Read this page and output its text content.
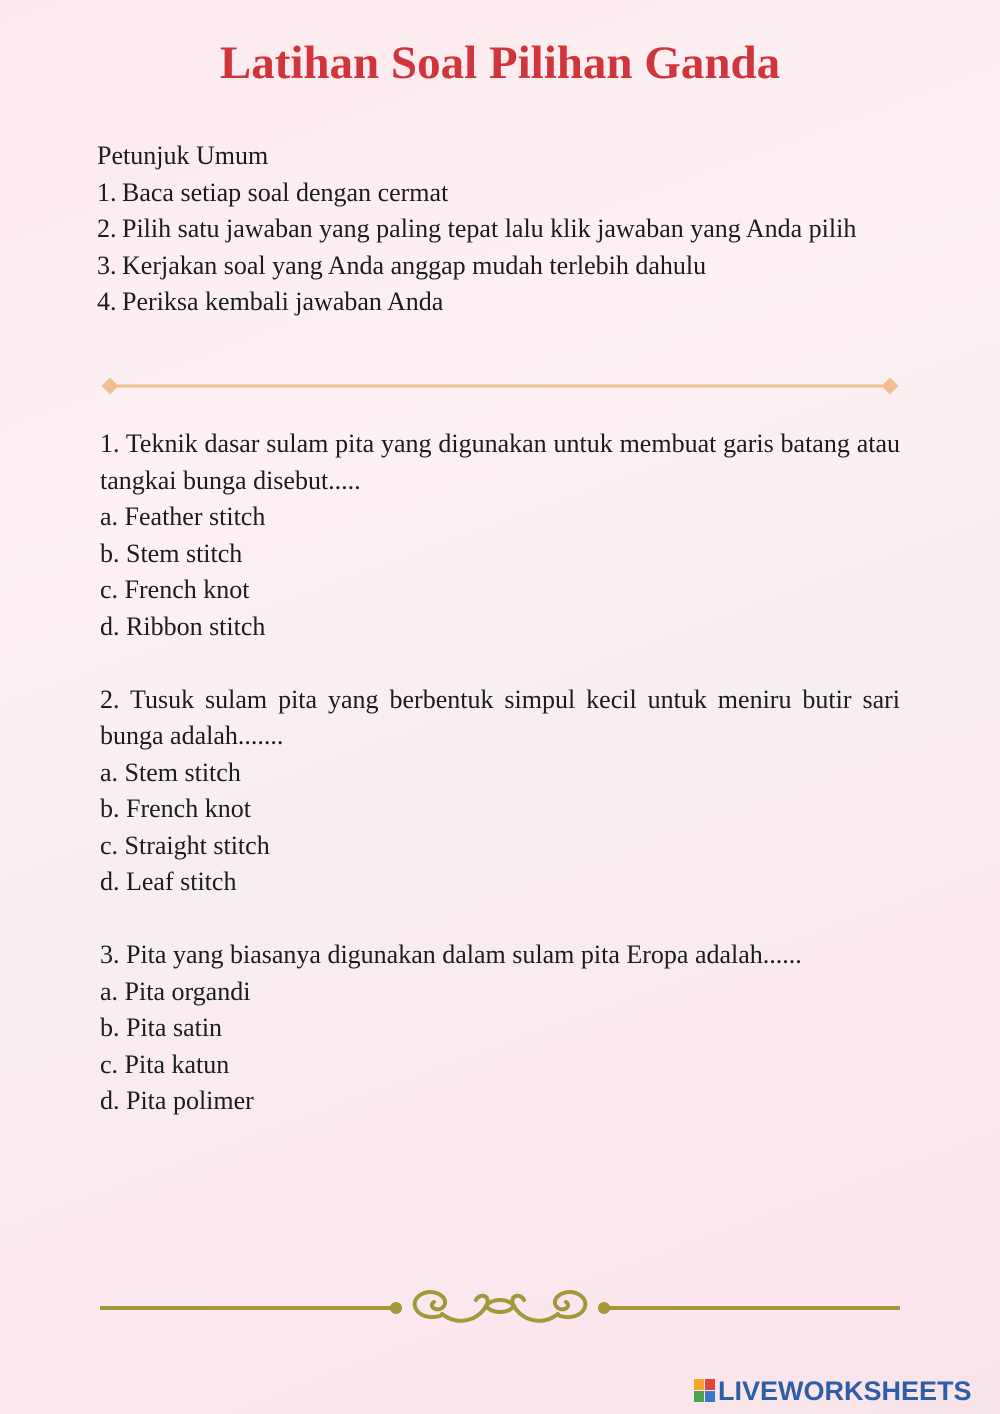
Latihan Soal Pilihan Ganda
Petunjuk Umum
1. Baca setiap soal dengan cermat
2. Pilih satu jawaban yang paling tepat lalu klik jawaban yang Anda pilih
3. Kerjakan soal yang Anda anggap mudah terlebih dahulu
4. Periksa kembali jawaban Anda
1. Teknik dasar sulam pita yang digunakan untuk membuat garis batang atau tangkai bunga disebut.....
a. Feather stitch
b. Stem stitch
c. French knot
d. Ribbon stitch
2. Tusuk sulam pita yang berbentuk simpul kecil untuk meniru butir sari bunga adalah.......
a. Stem stitch
b. French knot
c. Straight stitch
d. Leaf stitch
3. Pita yang biasanya digunakan dalam sulam pita Eropa adalah......
a. Pita organdi
b. Pita satin
c. Pita katun
d. Pita polimer
LIVEWORKSHEETS
